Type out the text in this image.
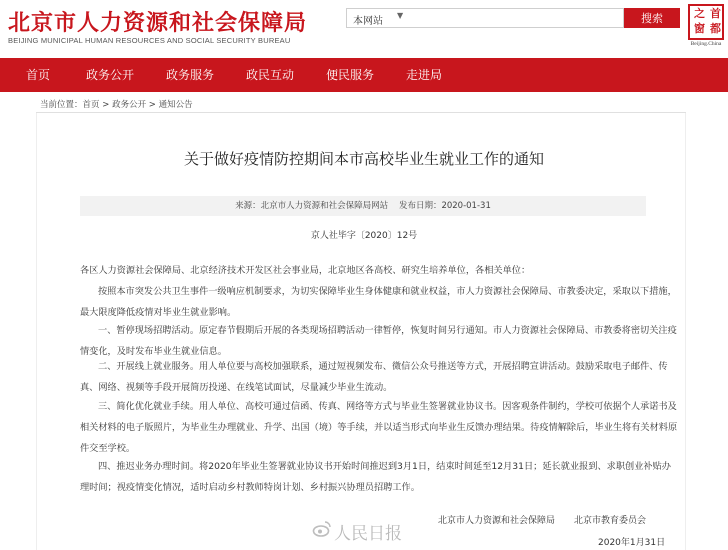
北京市人力资源和社会保障局
BEIJING MUNICIPAL HUMAN RESOURCES AND SOCIAL SECURITY BUREAU
本网站
▼	搜索	首
都
之
窗
Beijing.China
首页	政务公开	政务服务	政民互动	便民服务	走进局
当前位置：首页 > 政务公开 > 通知公告
关于做好疫情防控期间本市高校毕业生就业工作的通知
来源：北京市人力资源和社会保障局网站 发布日期：2020-01-31
京人社毕字〔2020〕12号
各区人力资源社会保障局、北京经济技术开发区社会事业局，北京地区各高校、研究生培养单位，各相关单位：
按照本市突发公共卫生事件一级响应机制要求，为切实保障毕业生身体健康和就业权益，市人力资源社会保障局、市教委决定，采取以下措施，最大限度降低疫情对毕业生就业影响。
一、暂停现场招聘活动。原定春节假期后开展的各类现场招聘活动一律暂停，恢复时间另行通知。市人力资源社会保障局、市教委将密切关注疫情变化，及时发布毕业生就业信息。
二、开展线上就业服务。用人单位要与高校加强联系，通过短视频发布、微信公众号推送等方式，开展招聘宣讲活动。鼓励采取电子邮件、传真、网络、视频等手段开展简历投递、在线笔试面试，尽量减少毕业生流动。
三、简化优化就业手续。用人单位、高校可通过信函、传真、网络等方式与毕业生签署就业协议书。因客观条件制约，学校可依据个人承诺书及相关材料的电子版照片，为毕业生办理就业、升学、出国（境）等手续，并以适当形式向毕业生反馈办理结果。待疫情解除后，毕业生将有关材料原件交至学校。
四、推迟业务办理时间。将2020年毕业生签署就业协议书开始时间推迟到3月1日，结束时间延至12月31日；延长就业报到、求职创业补贴办理时间；视疫情变化情况，适时启动乡村教师特岗计划、乡村振兴协理员招聘工作。
北京市人力资源和社会保障局 北京市教育委员会
2020年1月31日
人民日报
